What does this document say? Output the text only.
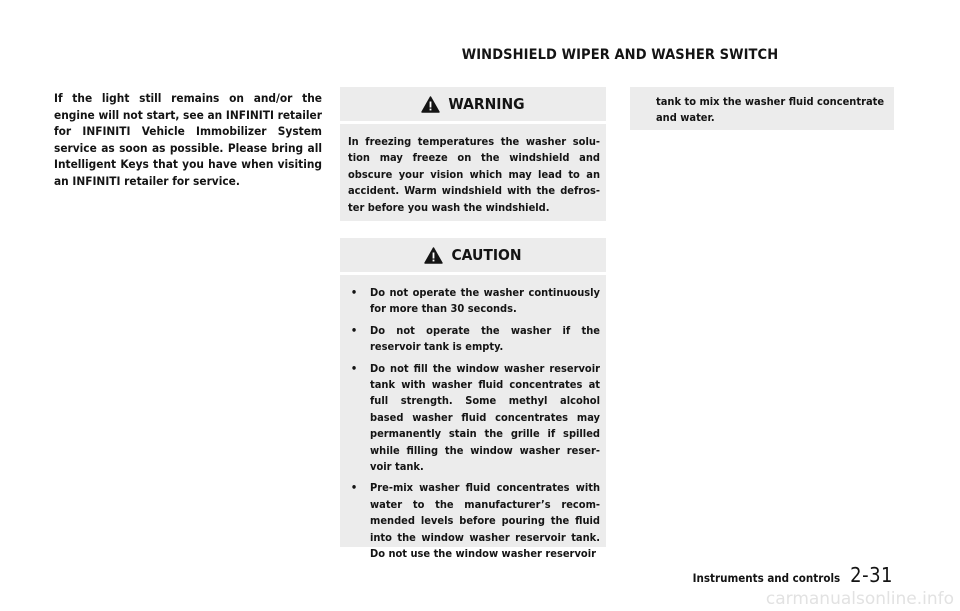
WINDSHIELD WIPER AND WASHER SWITCH

If the light still remains on and/or the engine will not start, see an INFINITI retailer for INFINITI Vehicle Immobilizer System service as soon as possible. Please bring all Intelligent Keys that you have when visiting an INFINITI retailer for service.

WARNING

In freezing temperatures the washer solu- tion may freeze on the windshield and obscure your vision which may lead to an accident. Warm windshield with the defros- ter before you wash the windshield.

CAUTION
•	Do not operate the washer continuously for more than 30 seconds.
•	Do not operate the washer if the reservoir tank is empty.
•	Do not fill the window washer reservoir tank with washer fluid concentrates at full strength. Some methyl alcohol based washer fluid concentrates may permanently stain the grille if spilled while filling the window washer reser- voir tank.
•	Pre-mix washer fluid concentrates with water to the manufacturer’s recom- mended levels before pouring the fluid into the window washer reservoir tank. Do not use the window washer reservoir

tank to mix the washer fluid concentrate and water.

Instruments and controls 2-31
carmanualsonline.info
